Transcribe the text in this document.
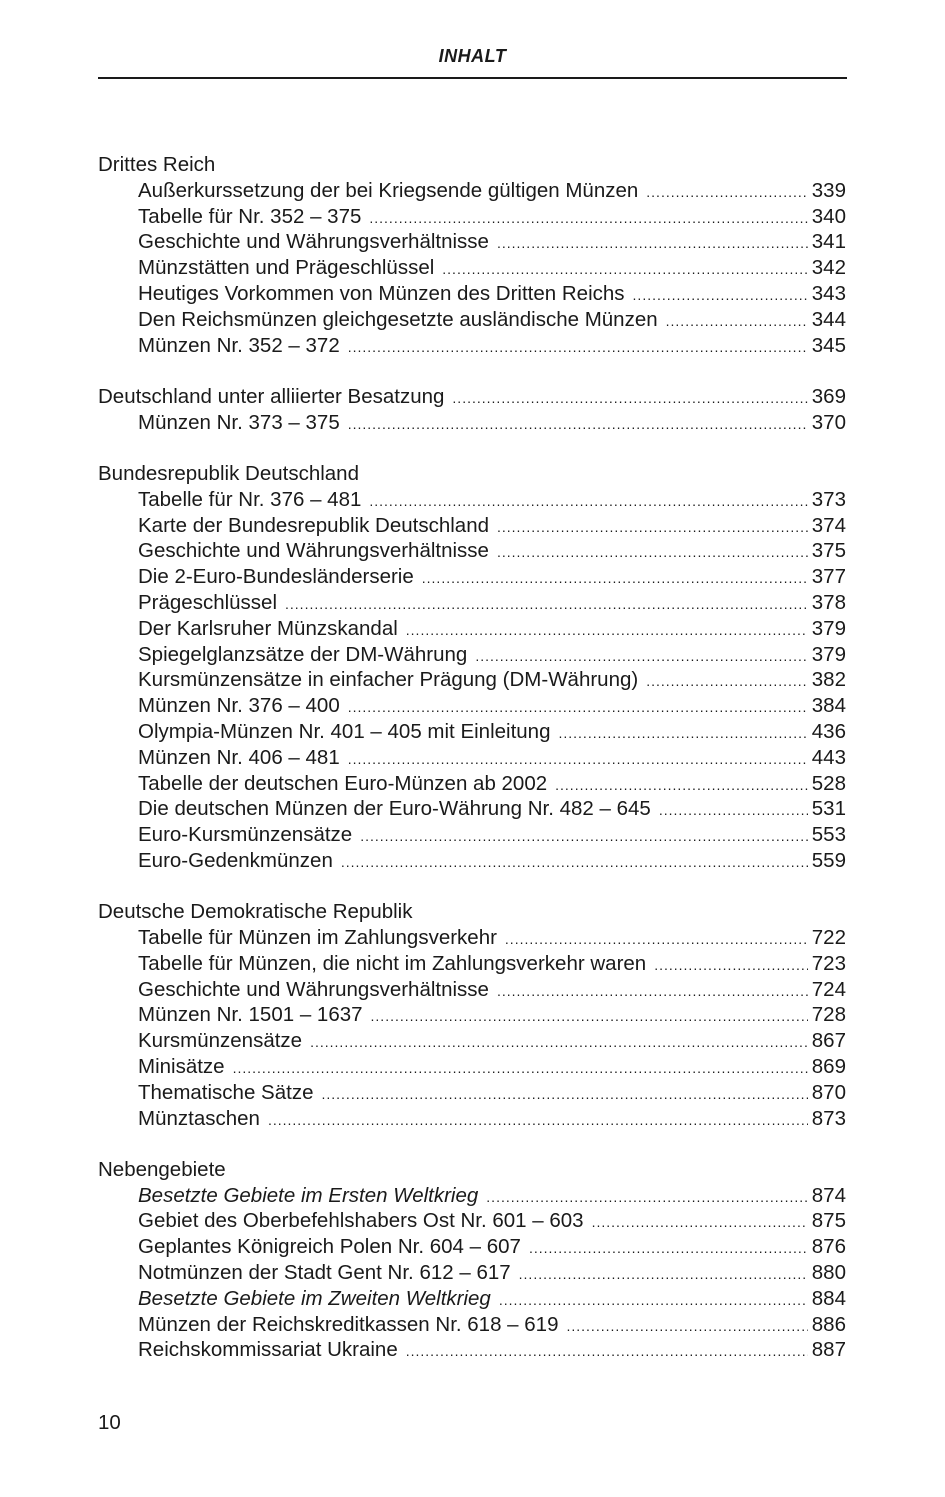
INHALT
Drittes Reich
Außerkurssetzung der bei Kriegsende gültigen Münzen .....	339
Tabelle für Nr. 352 – 375 .....	340
Geschichte und Währungsverhältnisse .....	341
Münzstätten und Prägeschlüssel .....	342
Heutiges Vorkommen von Münzen des Dritten Reichs .....	343
Den Reichsmünzen gleichgesetzte ausländische Münzen .....	344
Münzen Nr. 352 – 372 .....	345
Deutschland unter alliierter Besatzung .....	369
Münzen Nr. 373 – 375 .....	370
Bundesrepublik Deutschland
Tabelle für Nr. 376 – 481 .....	373
Karte der Bundesrepublik Deutschland .....	374
Geschichte und Währungsverhältnisse .....	375
Die 2-Euro-Bundesländerserie .....	377
Prägeschlüssel .....	378
Der Karlsruher Münzskandal .....	379
Spiegelglanzsätze der DM-Währung .....	379
Kursmünzensätze in einfacher Prägung (DM-Währung) .....	382
Münzen Nr. 376 – 400 .....	384
Olympia-Münzen Nr. 401 – 405 mit Einleitung .....	436
Münzen Nr. 406 – 481 .....	443
Tabelle der deutschen Euro-Münzen ab 2002 .....	528
Die deutschen Münzen der Euro-Währung Nr. 482 – 645 .....	531
Euro-Kursmünzensätze .....	553
Euro-Gedenkmünzen .....	559
Deutsche Demokratische Republik
Tabelle für Münzen im Zahlungsverkehr .....	722
Tabelle für Münzen, die nicht im Zahlungsverkehr waren .....	723
Geschichte und Währungsverhältnisse .....	724
Münzen Nr. 1501 – 1637 .....	728
Kursmünzensätze .....	867
Minisätze .....	869
Thematische Sätze .....	870
Münztaschen .....	873
Nebengebiete
Besetzte Gebiete im Ersten Weltkrieg .....	874
Gebiet des Oberbefehlshabers Ost Nr. 601 – 603 .....	875
Geplantes Königreich Polen Nr. 604 – 607 .....	876
Notmünzen der Stadt Gent Nr. 612 – 617 .....	880
Besetzte Gebiete im Zweiten Weltkrieg .....	884
Münzen der Reichskreditkassen Nr. 618 – 619 .....	886
Reichskommissariat Ukraine .....	887
10
